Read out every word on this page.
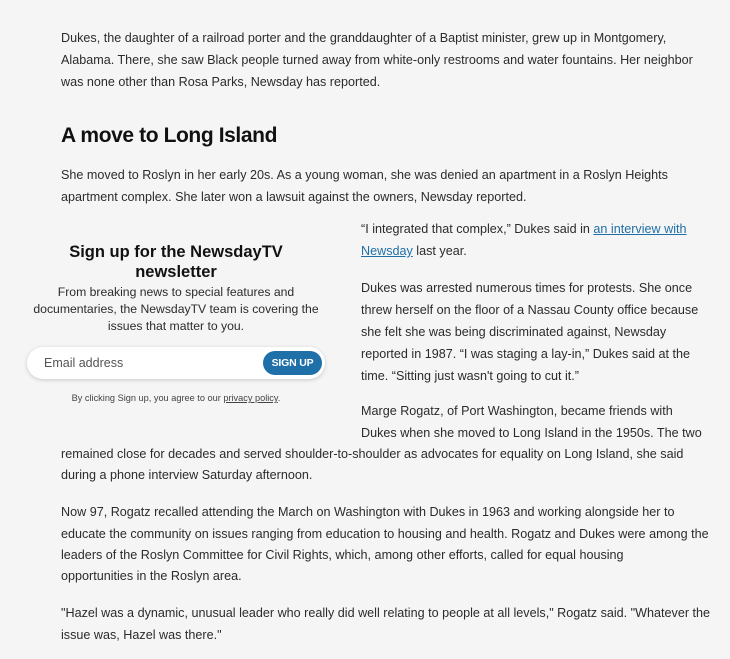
Dukes, the daughter of a railroad porter and the granddaughter of a Baptist minister, grew up in Montgomery,

Alabama. There, she saw Black people turned away from white-only restrooms and water fountains. Her neighbor

was none other than Rosa Parks, Newsday has reported.

A move to Long Island

She moved to Roslyn in her early 20s. As a young woman, she was denied an apartment in a Roslyn Heights

apartment complex. She later won a lawsuit against the owners, Newsday reported.

Sign up for the NewsdayTV
newsletter

From breaking news to special features and
documentaries, the NewsdayTV team is covering the
issues that matter to you.

Email address
SIGN UP

By clicking Sign up, you agree to our privacy policy.

“I integrated that complex,” Dukes said in an interview with

Newsday last year.

Dukes was arrested numerous times for protests. She once

threw herself on the floor of a Nassau County office because

she felt she was being discriminated against, Newsday

reported in 1987. “I was staging a lay-in,” Dukes said at the

time. “Sitting just wasn't going to cut it.”

Marge Rogatz, of Port Washington, became friends with

Dukes when she moved to Long Island in the 1950s. The two

remained close for decades and served shoulder-to-shoulder as advocates for equality on Long Island, she said

during a phone interview Saturday afternoon.

Now 97, Rogatz recalled attending the March on Washington with Dukes in 1963 and working alongside her to

educate the community on issues ranging from education to housing and health. Rogatz and Dukes were among the

leaders of the Roslyn Committee for Civil Rights, which, among other efforts, called for equal housing

opportunities in the Roslyn area.

"Hazel was a dynamic, unusual leader who really did well relating to people at all levels," Rogatz said. "Whatever the

issue was, Hazel was there."
